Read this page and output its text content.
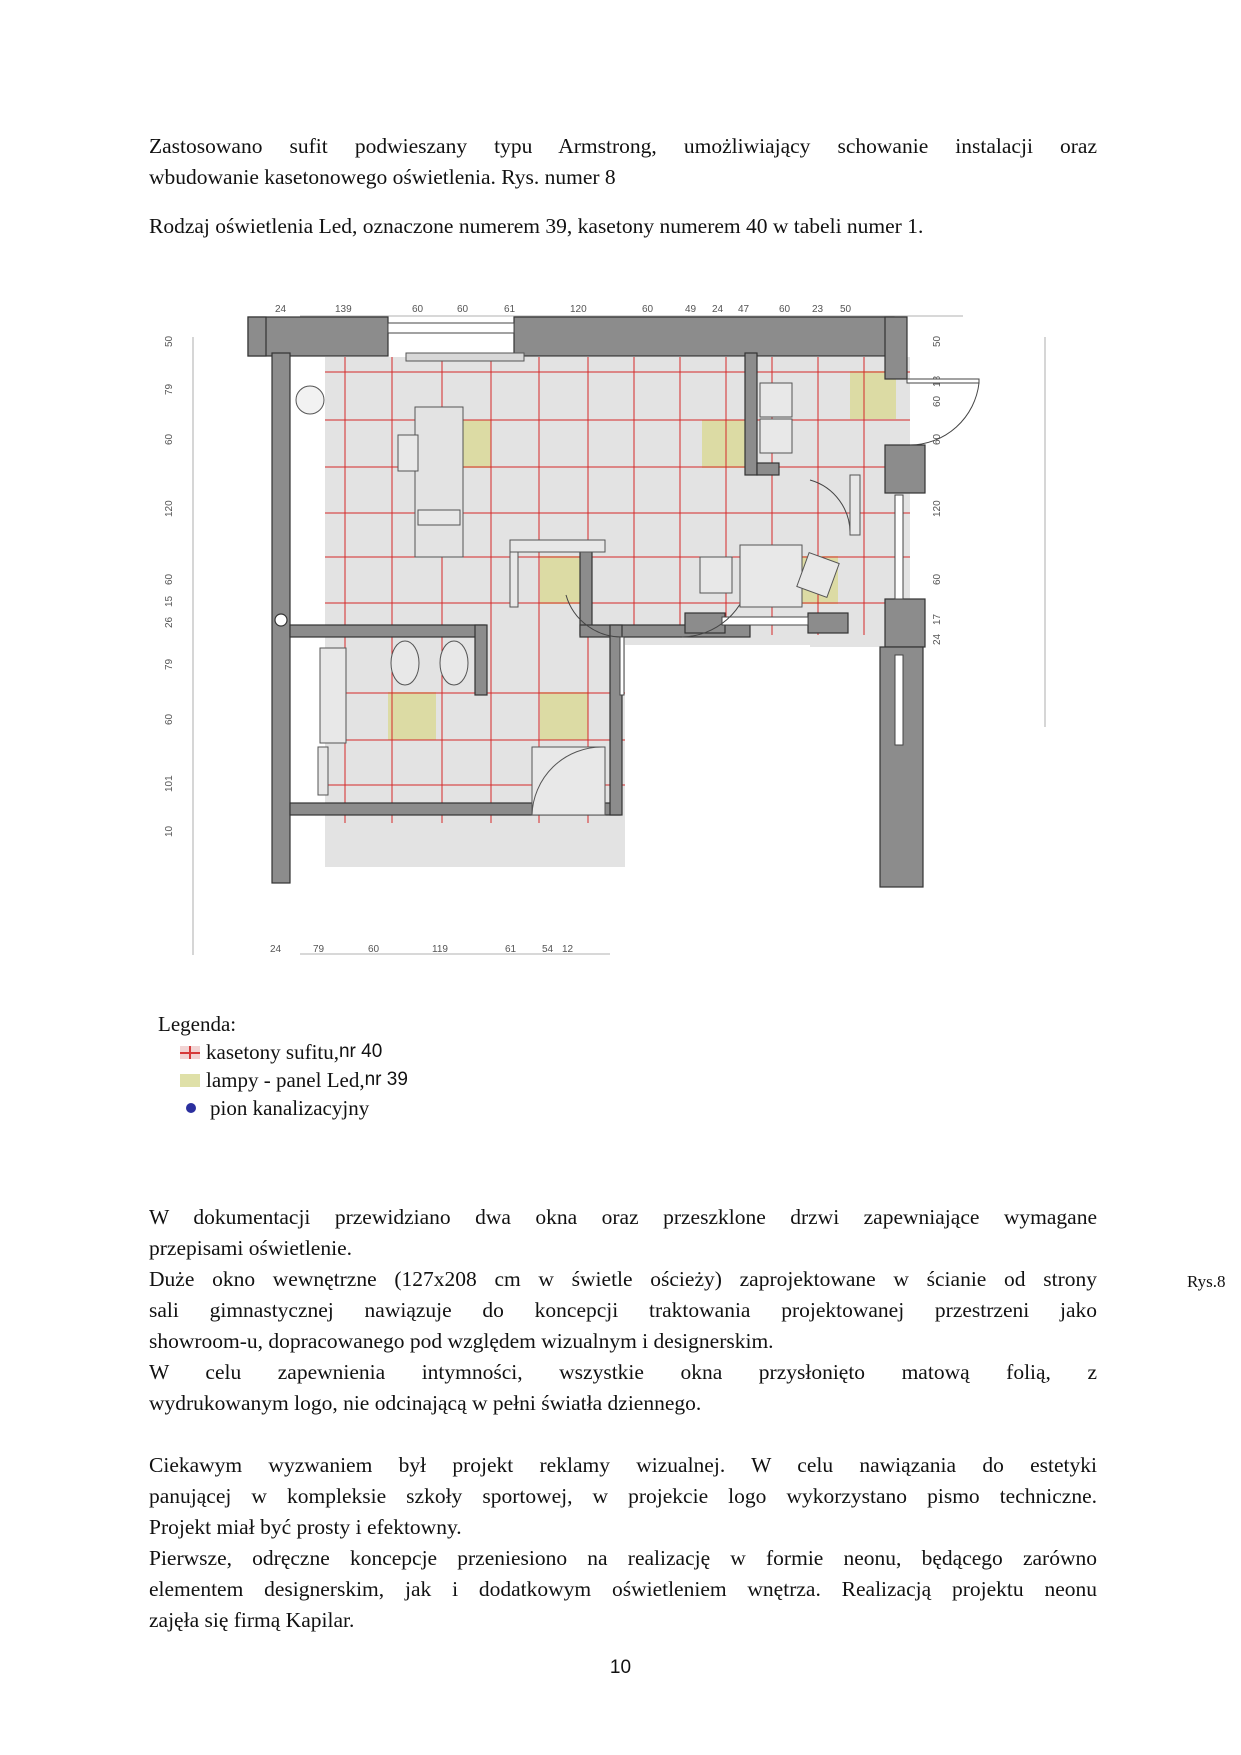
Zastosowano sufit podwieszany typu Armstrong, umożliwiający schowanie instalacji oraz
wbudowanie kasetonowego oświetlenia. Rys. numer 8
Rodzaj oświetlenia Led, oznaczone numerem 39, kasetony numerem 40 w tabeli numer 1.
24	139	60	60	61	120	60	49 24 47	60 23 50
24	79	60	119	61	54 12
50
79
60
120
60
15
26
79
60
101
10
50
60
60
120
60
17
24
Rys.8
Legenda:
kasetony sufitu, nr 40
lampy - panel Led, nr 39
pion kanalizacyjny
W dokumentacji przewidziano dwa okna oraz przeszklone drzwi zapewniające wymagane
przepisami oświetlenie.
Duże okno wewnętrzne (127x208 cm w świetle ościeży) zaprojektowane w ścianie od strony
sali gimnastycznej nawiązuje do koncepcji traktowania projektowanej przestrzeni jako
showroom-u, dopracowanego pod względem wizualnym i designerskim.
W celu zapewnienia intymności, wszystkie okna przysłonięto matową folią, z
wydrukowanym logo, nie odcinającą w pełni światła dziennego.
Ciekawym wyzwaniem był projekt reklamy wizualnej. W celu nawiązania do estetyki
panującej w kompleksie szkoły sportowej, w projekcie logo wykorzystano pismo techniczne.
Projekt miał być prosty i efektowny.
Pierwsze, odręczne koncepcje przeniesiono na realizację w formie neonu, będącego zarówno
elementem designerskim, jak i dodatkowym oświetleniem wnętrza. Realizacją projektu neonu
zajęła się firmą Kapilar.
10
